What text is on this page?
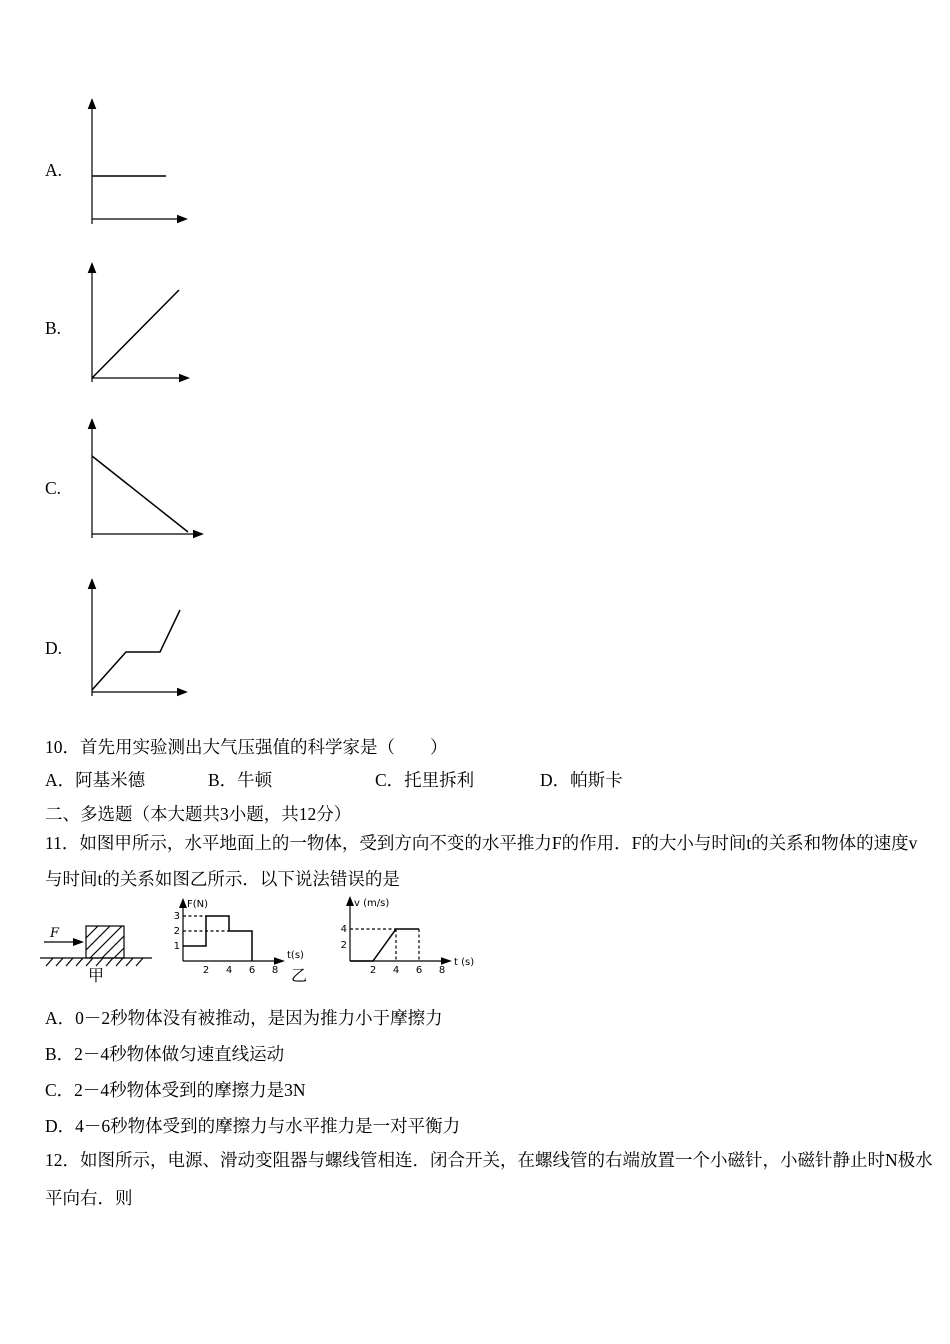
A.
B.
C.
D.
10．首先用实验测出大气压强值的科学家是（　　）
A．阿基米德	B．牛顿	C．托里拆利	D．帕斯卡
二、多选题（本大题共3小题，共12分）
11．如图甲所示，水平地面上的一物体，受到方向不变的水平推力F的作用．F的大小与时间t的关系和物体的速度v
与时间t的关系如图乙所示．以下说法错误的是
F
甲
F(N)
3
2
1
t(s)
2 4 6 8
v (m/s)
4
2
t (s)
2 4 6 8
乙
A．0－2秒物体没有被推动，是因为推力小于摩擦力
B．2－4秒物体做匀速直线运动
C．2－4秒物体受到的摩擦力是3N
D．4－6秒物体受到的摩擦力与水平推力是一对平衡力
12．如图所示，电源、滑动变阻器与螺线管相连．闭合开关，在螺线管的右端放置一个小磁针，小磁针静止时N极水
平向右．则
